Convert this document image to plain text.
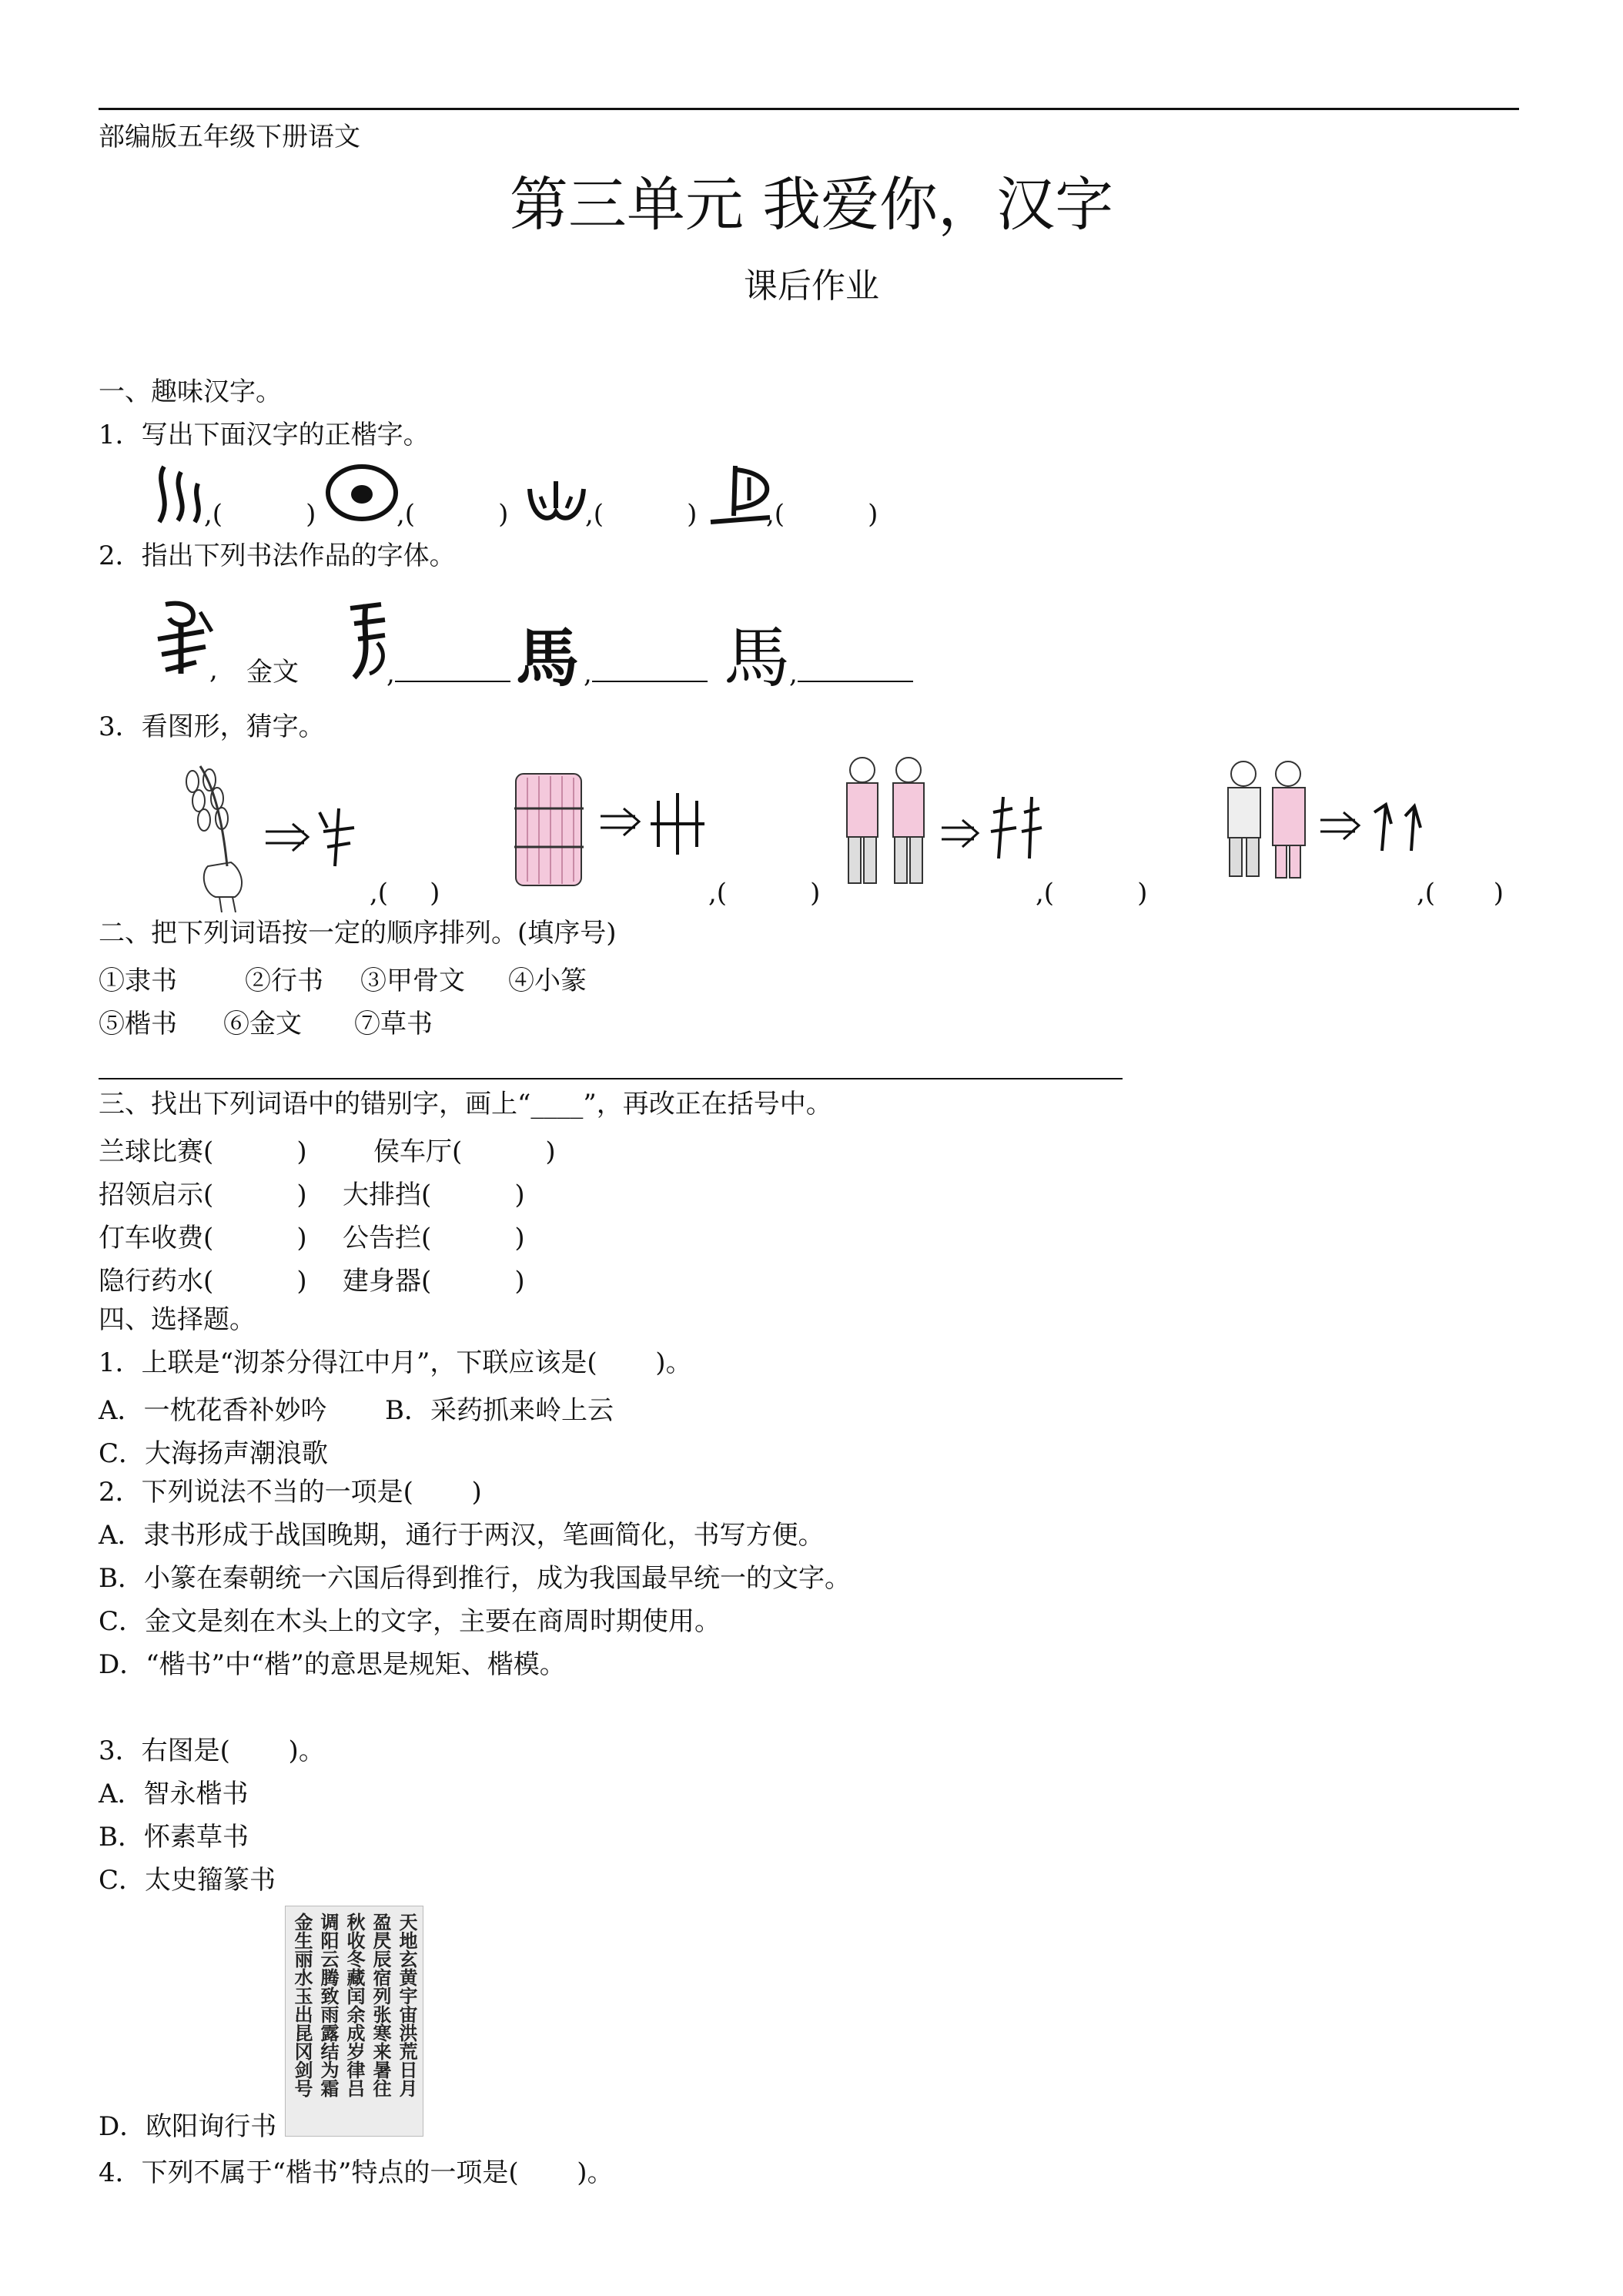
部编版五年级下册语文
第三单元 我爱你，汉字
课后作业
一、趣味汉字。
1．写出下面汉字的正楷字。
,(          )	,(          )	,(          )	,(          )
2．指出下列书法作品的字体。
, 金文	,	馬 ,	馬 ,
3．看图形，猜字。
,(     )	,(          )	,(          )	,(       )
二、把下列词语按一定的顺序排列。(填序号)
①隶书	②行书 ③甲骨文 ④小篆
⑤楷书 ⑥金文 ⑦草书
三、找出下列词语中的错别字，画上“____”，再改正在括号中。
兰球比赛(          )	侯车厅(          )
招领启示(          ) 大排挡(          )
仃车收费(          ) 公告拦(          )
隐行药水(          ) 建身器(          )
四、选择题。
1．上联是“沏茶分得江中月”，下联应该是(       )。
A．一枕花香补妙吟 B．采药抓来岭上云
C．大海扬声潮浪歌
2．下列说法不当的一项是(       )
A．隶书形成于战国晚期，通行于两汉，笔画简化，书写方便。
B．小篆在秦朝统一六国后得到推行，成为我国最早统一的文字。
C．金文是刻在木头上的文字，主要在商周时期使用。
D．“楷书”中“楷”的意思是规矩、楷模。
3．右图是(       )。
A．智永楷书
B．怀素草书
C．太史籀篆书
D．欧阳询行书
天地玄黄宇宙洪荒日月
盈昃辰宿列张寒来暑往
秋收冬藏闰余成岁律吕
调阳云腾致雨露结为霜
金生丽水玉出昆冈剑号
4．下列不属于“楷书”特点的一项是(       )。
